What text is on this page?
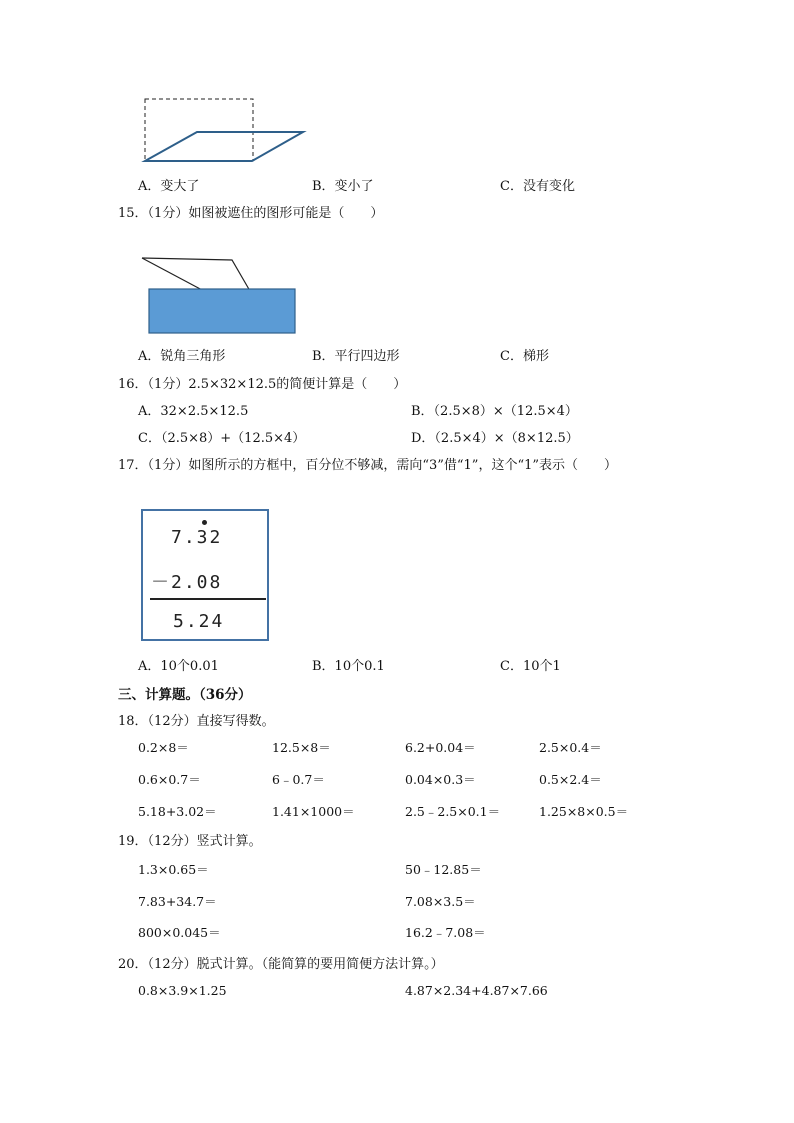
A．变大了	B．变小了	C．没有变化
15．（1分）如图被遮住的图形可能是（　　）
A．锐角三角形	B．平行四边形	C．梯形
16．（1分）2.5×32×12.5的简便计算是（　　）
A．32×2.5×12.5	B．（2.5×8）×（12.5×4）
C．（2.5×8）+（12.5×4）	D．（2.5×4）×（8×12.5）
17．（1分）如图所示的方框中，百分位不够减，需向“3”借“1”，这个“1”表示（　　）
7.32
－2.08
5.24
A．10个0.01	B．10个0.1	C．10个1
三、计算题。（36分）
18．（12分）直接写得数。
0.2×8＝	12.5×8＝	6.2+0.04＝	2.5×0.4＝
0.6×0.7＝	6﹣0.7＝	0.04×0.3＝	0.5×2.4＝
5.18+3.02＝	1.41×1000＝	2.5﹣2.5×0.1＝	1.25×8×0.5＝
19．（12分）竖式计算。
1.3×0.65＝	50﹣12.85＝
7.83+34.7＝	7.08×3.5＝
800×0.045＝	16.2﹣7.08＝
20．（12分）脱式计算。（能简算的要用简便方法计算。）
0.8×3.9×1.25	4.87×2.34+4.87×7.66
